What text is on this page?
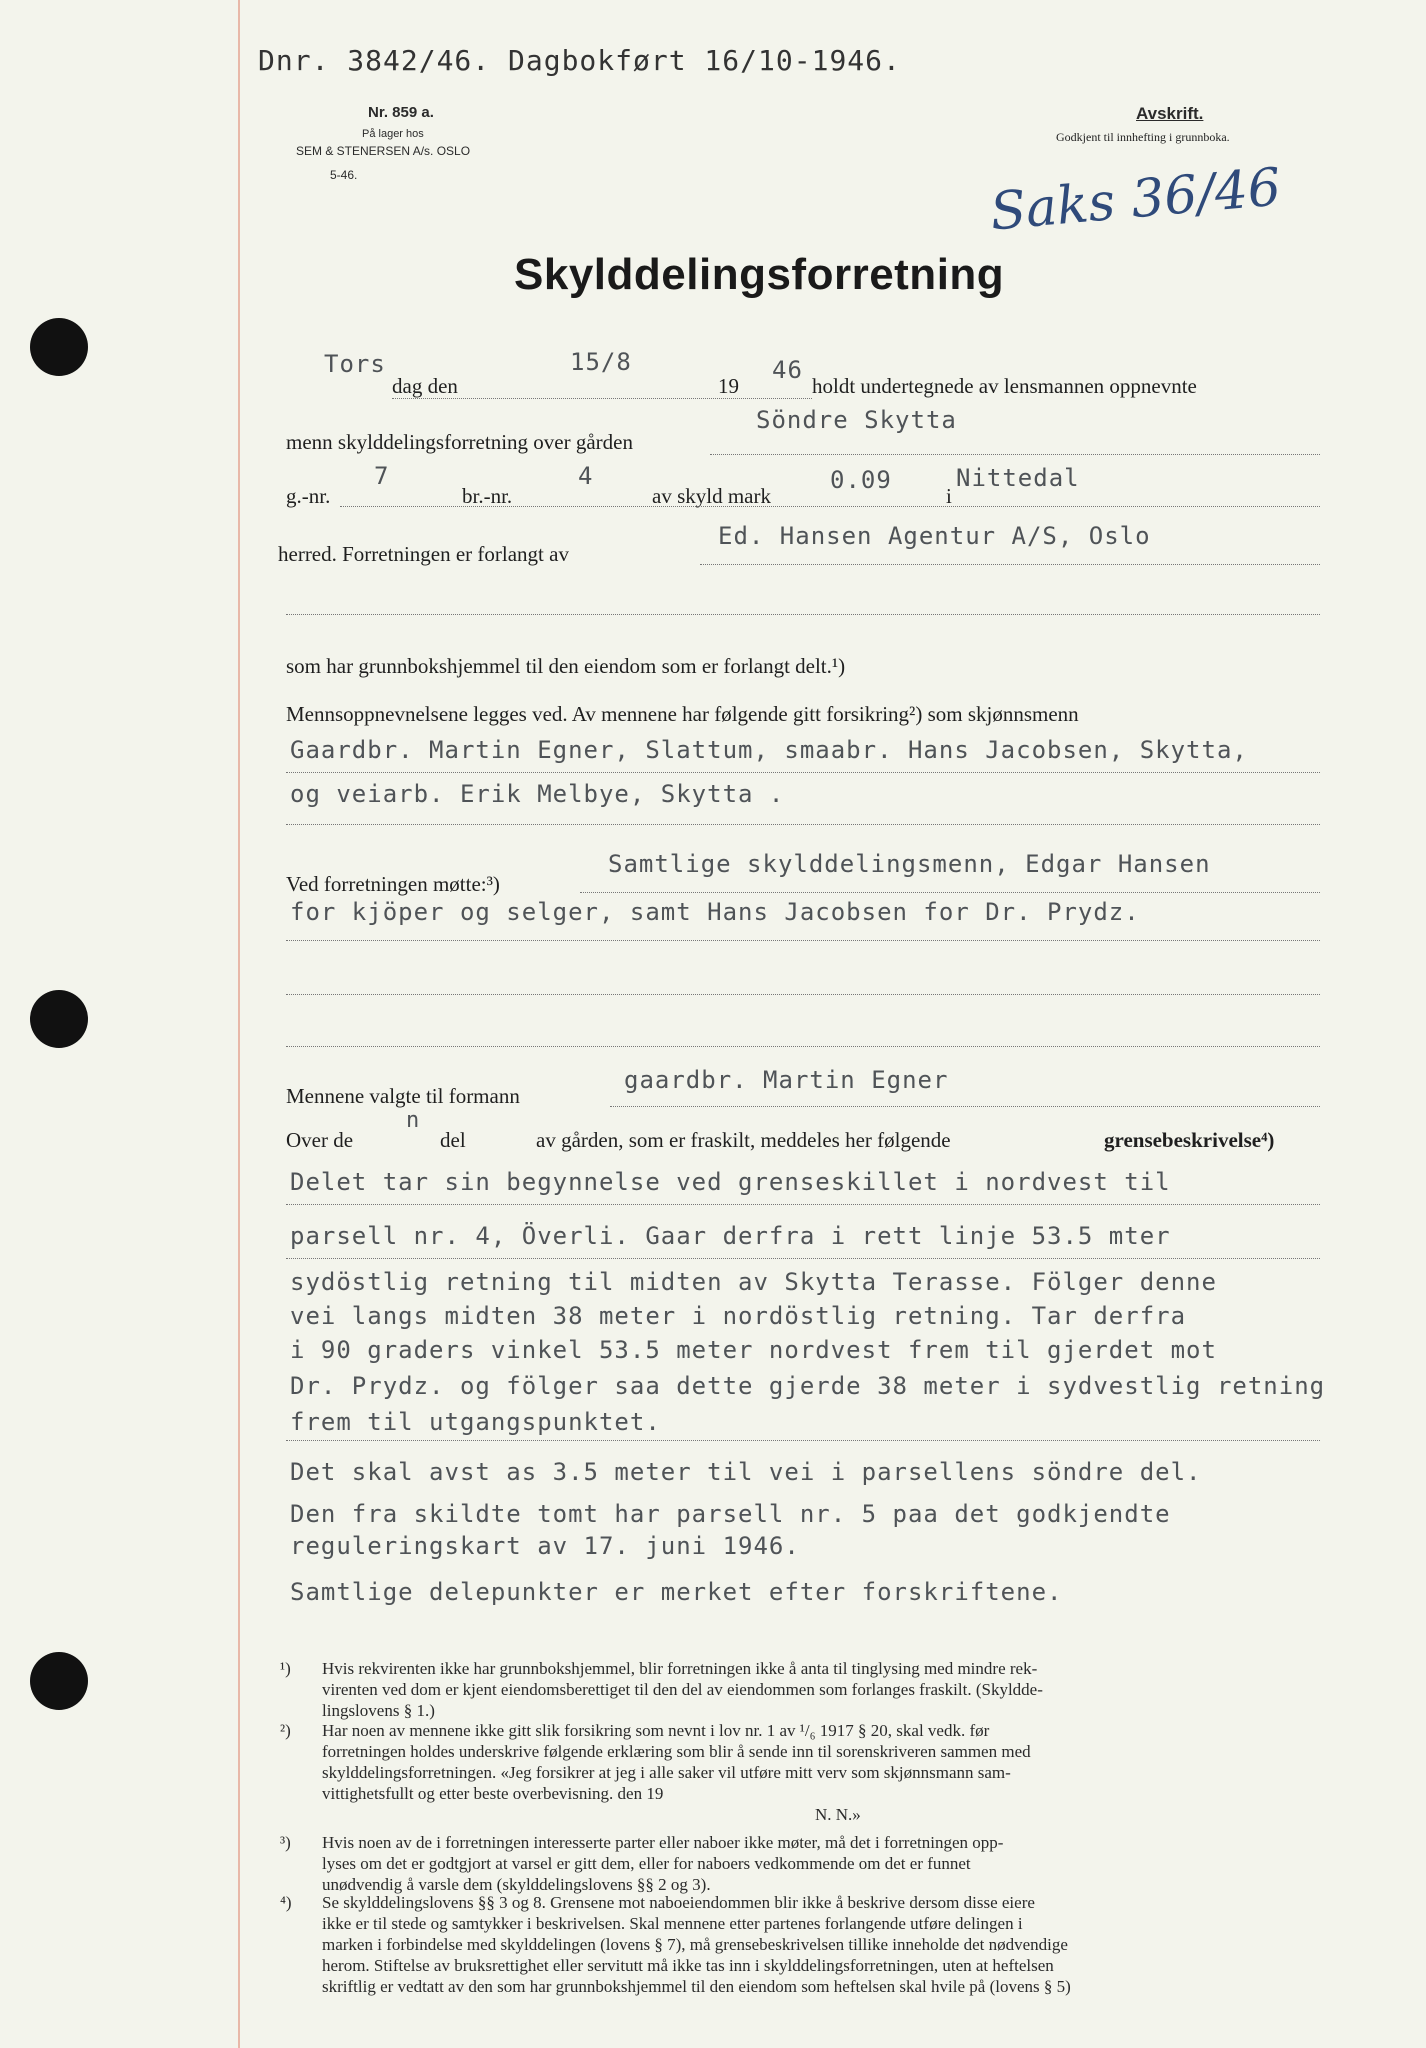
Dnr. 3842/46. Dagbokført 16/10-1946.
Nr. 859 a.
På lager hos
SEM & STENERSEN A/s. OSLO
5-46.
Avskrift.
Godkjent til innhefting i grunnboka.
Saks 36/46
Skylddelingsforretning
Tors	15/8	46
dag den	19	holdt undertegnede av lensmannen oppnevnte
menn skylddelingsforretning over gården
Söndre Skytta
g.-nr.
7
br.-nr.
4
av skyld mark
0.09
i
Nittedal
herred. Forretningen er forlangt av
Ed. Hansen Agentur A/S, Oslo
som har grunnbokshjemmel til den eiendom som er forlangt delt.¹)
Mennsoppnevnelsene legges ved. Av mennene har følgende gitt forsikring²) som skjønnsmenn
Gaardbr. Martin Egner, Slattum, smaabr. Hans Jacobsen, Skytta,
og veiarb. Erik Melbye, Skytta .
Ved forretningen møtte:³)
Samtlige skylddelingsmenn, Edgar Hansen
for kjöper og selger, samt Hans Jacobsen for Dr. Prydz.
Mennene valgte til formann
gaardbr. Martin Egner
Over de
n
del	av gården, som er fraskilt, meddeles her følgende	grensebeskrivelse⁴)
Delet tar sin begynnelse ved grenseskillet i nordvest til
parsell nr. 4, Överli. Gaar derfra i rett linje 53.5 mter
sydöstlig retning til midten av Skytta Terasse. Fölger denne
vei langs midten 38 meter i nordöstlig retning. Tar derfra
i 90 graders vinkel 53.5 meter nordvest frem til gjerdet mot
Dr. Prydz. og fölger saa dette gjerde 38 meter i sydvestlig retning
frem til utgangspunktet.
Det skal avst as 3.5 meter til vei i parsellens söndre del.
Den fra skildte tomt har parsell nr. 5 paa det godkjendte
reguleringskart av 17. juni 1946.
Samtlige delepunkter er merket efter forskriftene.
¹) Hvis rekvirenten ikke har grunnbokshjemmel, blir forretningen ikke å anta til tinglysing med mindre rek-
virenten ved dom er kjent eiendomsberettiget til den del av eiendommen som forlanges fraskilt. (Skyldde-
lingslovens § 1.)
²) Har noen av mennene ikke gitt slik forsikring som nevnt i lov nr. 1 av ¹/₆ 1917 § 20, skal vedk. før
forretningen holdes underskrive følgende erklæring som blir å sende inn til sorenskriveren sammen med
skylddelingsforretningen. «Jeg forsikrer at jeg i alle saker vil utføre mitt verv som skjønnsmann sam-
vittighetsfullt og etter beste overbevisning. den 19
N. N.»
³) Hvis noen av de i forretningen interesserte parter eller naboer ikke møter, må det i forretningen opp-
lyses om det er godtgjort at varsel er gitt dem, eller for naboers vedkommende om det er funnet
unødvendig å varsle dem (skylddelingslovens §§ 2 og 3).
⁴) Se skylddelingslovens §§ 3 og 8. Grensene mot naboeiendommen blir ikke å beskrive dersom disse eiere
ikke er til stede og samtykker i beskrivelsen. Skal mennene etter partenes forlangende utføre delingen i
marken i forbindelse med skylddelingen (lovens § 7), må grensebeskrivelsen tillike inneholde det nødvendige
herom. Stiftelse av bruksrettighet eller servitutt må ikke tas inn i skylddelingsforretningen, uten at heftelsen
skriftlig er vedtatt av den som har grunnbokshjemmel til den eiendom som heftelsen skal hvile på (lovens § 5)
